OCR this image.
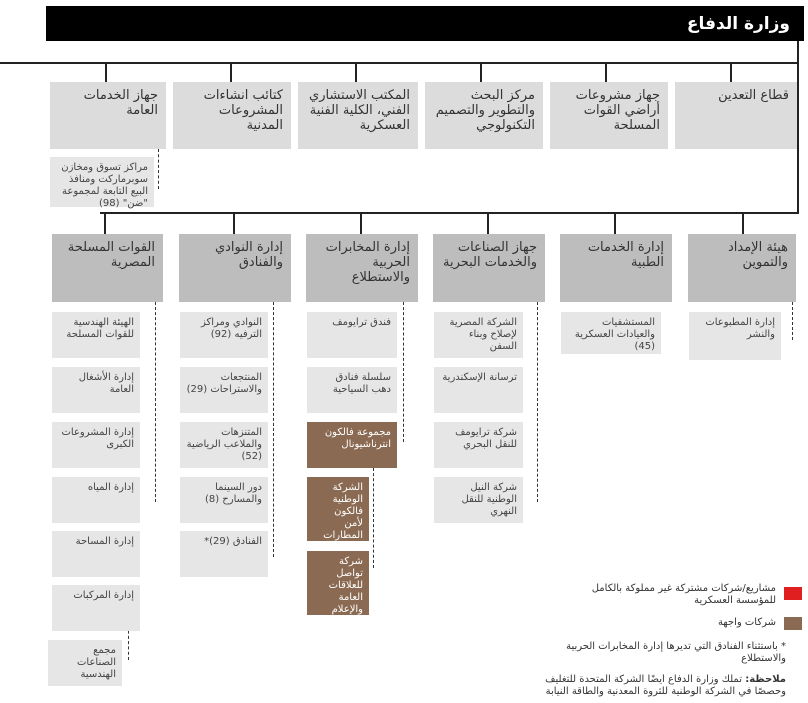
وزارة الدفاع
قطاع التعدين
جهاز مشروعات أراضي القوات المسلحة
مركز البحث والتطوير والتصميم التكنولوجي
المكتب الاستشاري الفني، الكلية الفنية العسكرية
كتائب انشاءات المشروعات المدنية
جهاز الخدمات العامة
مراكز تسوق ومخازن سوبرماركت ومنافذ البيع التابعة لمجموعة "ضن" (98)
هيئة الإمداد والتموين
إدارة الخدمات الطبية
جهاز الصناعات والخدمات البحرية
إدارة المخابرات الحربية والاستطلاع
إدارة النوادي والفنادق
القوات المسلحة المصرية
إدارة المطبوعات والنشر
المستشفيات والعيادات العسكرية (45)
الشركة المصرية لإصلاح وبناء السفن
ترسانة الإسكندرية
شركة ترايومف للنقل البحري
شركة النيل الوطنية للنقل النهري
فندق ترايومف
سلسلة فنادق دهب السياحية
مجموعة فالكون انترناشيونال
الشركة الوطنية فالكون لأمن المطارات
شركة تواصل للعلاقات العامة والإعلام
النوادي ومراكز الترفيه (92)
المنتجعات والاستراحات (29)
المتنزهات والملاعب الرياضية (52)
دور السينما والمسارح (8)
الفنادق (29)*
الهيئة الهندسية للقوات المسلحة
إدارة الأشغال العامة
إدارة المشروعات الكبرى
إدارة المياه
إدارة المساحة
إدارة المركبات
مجمع الصناعات الهندسية
مشاريع/شركات مشتركة غير مملوكة بالكامل للمؤسسة العسكرية
شركات واجهة
* باستثناء الفنادق التي تديرها إدارة المخابرات الحربية والاستطلاع
ملاحظة: تملك وزارة الدفاع أيضًا الشركة المتحدة للتغليف وحصصًا في الشركة الوطنية للثروة المعدنية والطاقة النيابة
